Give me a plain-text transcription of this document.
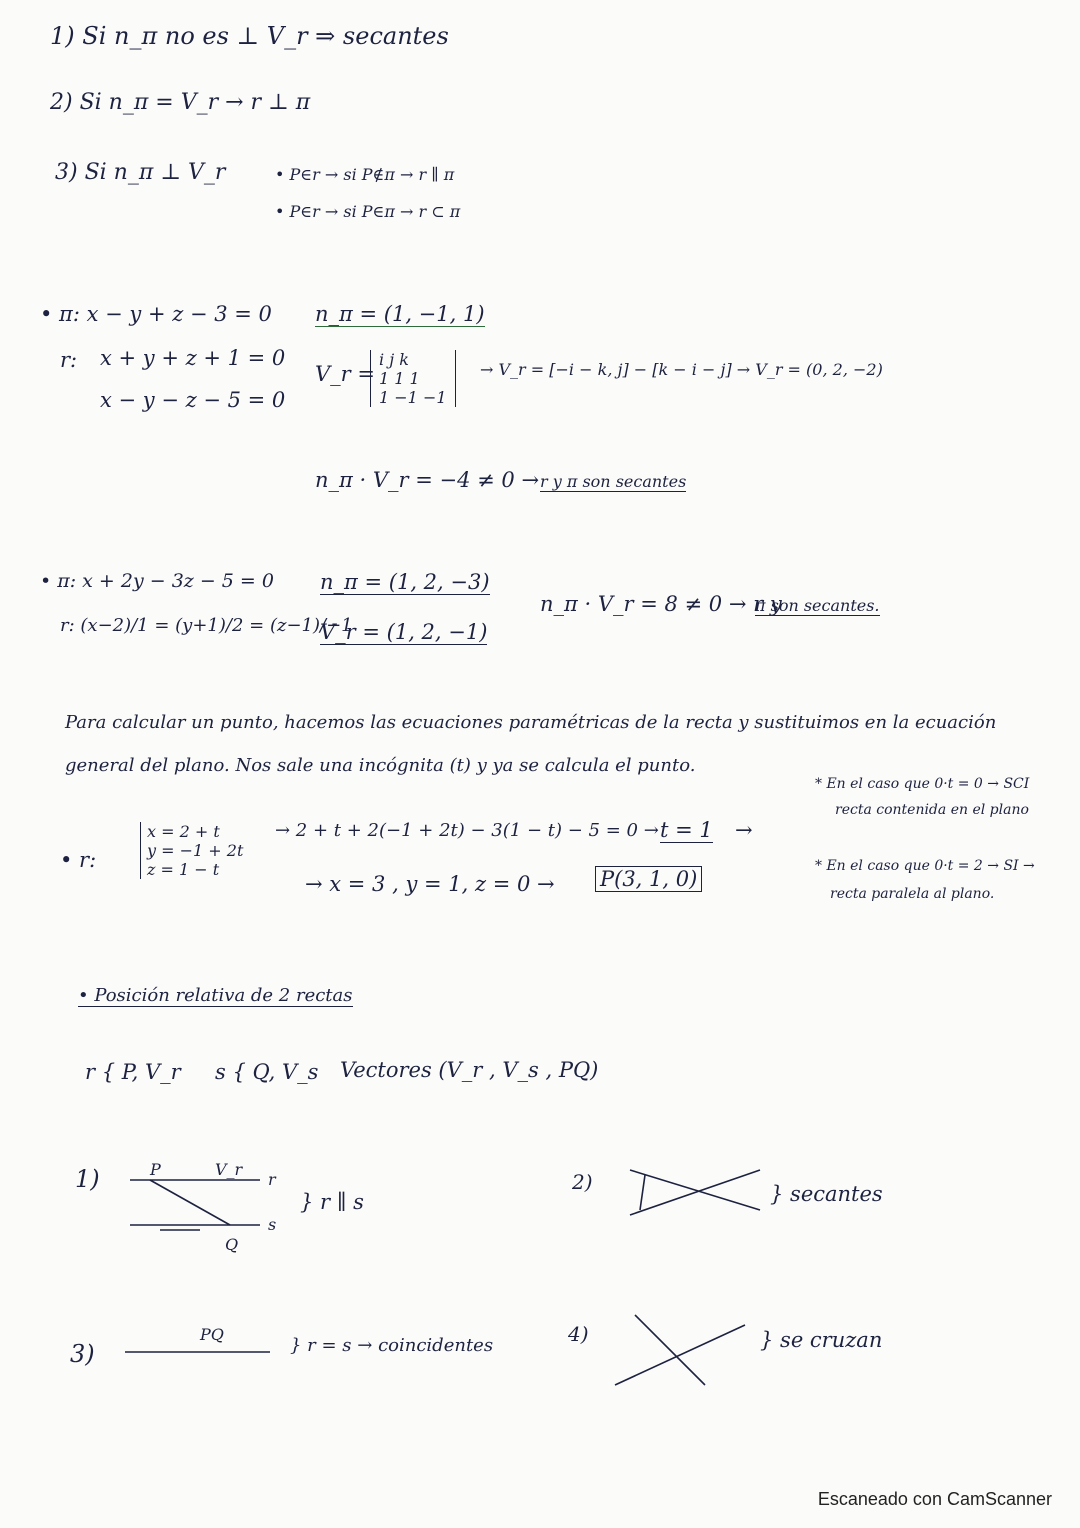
1) Si n_π no es ⊥ V_r ⇒ secantes
2) Si n_π = V_r → r ⊥ π
3) Si n_π ⊥ V_r	• P∈r → si P∉π → r ∥ π
• P∈r → si P∈π → r ⊂ π
• π: x − y + z − 3 = 0
r: x + y + z + 1 = 0
x − y − z − 5 = 0
n_π = (1, −1, 1)
V_r =
i j k
1 1 1
1 −1 −1
→ V_r = [−i − k, j] − [k − i − j] → V_r = (0, 2, −2)
n_π · V_r = −4 ≠ 0 → r y π son secantes
• π: x + 2y − 3z − 5 = 0
r: (x−2)/1 = (y+1)/2 = (z−1)/−1
n_π = (1, 2, −3)
V_r = (1, 2, −1)
n_π · V_r = 8 ≠ 0 → r y
π son secantes.
Para calcular un punto, hacemos las ecuaciones paramétricas de la recta y sustituimos en la ecuación
general del plano. Nos sale una incógnita (t) y ya se calcula el punto.
• r:
x = 2 + t
y = −1 + 2t
z = 1 − t
→ 2 + t + 2(−1 + 2t) − 3(1 − t) − 5 = 0 → t = 1 →
→ x = 3 , y = 1, z = 0 → P(3, 1, 0)
* En el caso que 0·t = 0 → SCI
recta contenida en el plano
* En el caso que 0·t = 2 → SI →
recta paralela al plano.
• Posición relativa de 2 rectas
r { P, V_r s { Q, V_s Vectores (V_r , V_s , PQ)
1)	P	V_r
Q
r
s
} r ∥ s
2)	} secantes
3)
PQ
} r = s → coincidentes	4)	} se cruzan
Escaneado con CamScanner
